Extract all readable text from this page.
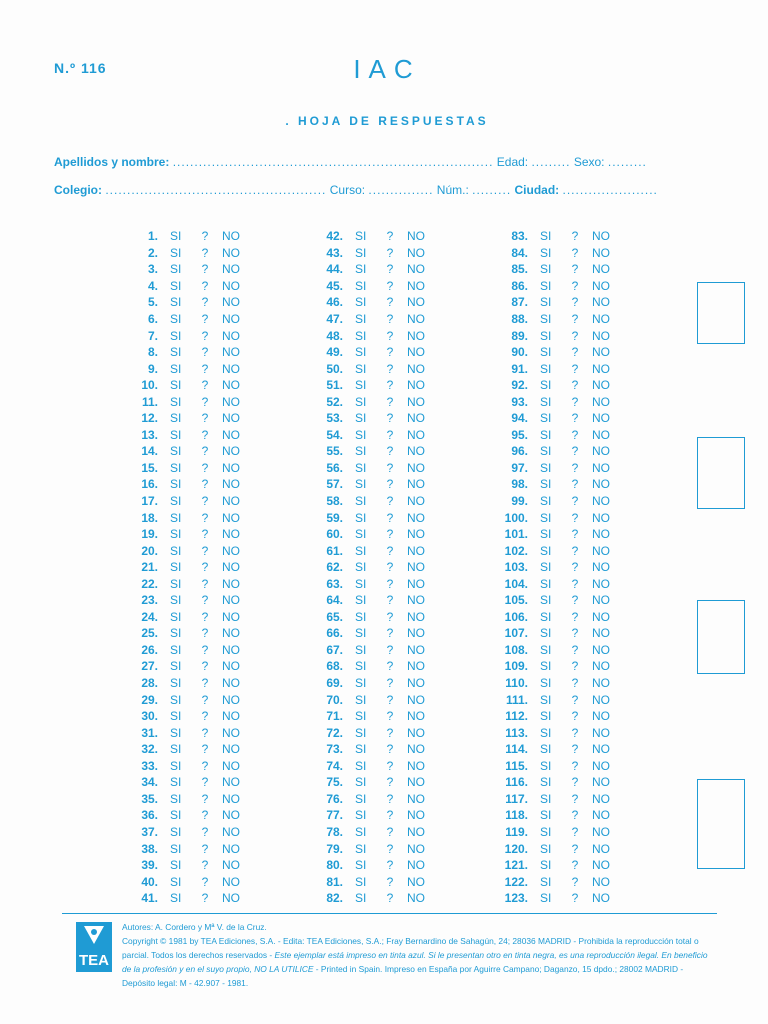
N.º 116	IAC
. HOJA DE RESPUESTAS
Apellidos y nombre: .......................................................................... Edad: ......... Sexo: .........
Colegio: ................................................... Curso: ............... Núm.: ......... Ciudad: ......................
1.	SI	?	NO
2.	SI	?	NO
3.	SI	?	NO
4.	SI	?	NO
5.	SI	?	NO
6.	SI	?	NO
7.	SI	?	NO
8.	SI	?	NO
9.	SI	?	NO
10.	SI	?	NO
11.	SI	?	NO
12.	SI	?	NO
13.	SI	?	NO
14.	SI	?	NO
15.	SI	?	NO
16.	SI	?	NO
17.	SI	?	NO
18.	SI	?	NO
19.	SI	?	NO
20.	SI	?	NO
21.	SI	?	NO
22.	SI	?	NO
23.	SI	?	NO
24.	SI	?	NO
25.	SI	?	NO
26.	SI	?	NO
27.	SI	?	NO
28.	SI	?	NO
29.	SI	?	NO
30.	SI	?	NO
31.	SI	?	NO
32.	SI	?	NO
33.	SI	?	NO
34.	SI	?	NO
35.	SI	?	NO
36.	SI	?	NO
37.	SI	?	NO
38.	SI	?	NO
39.	SI	?	NO
40.	SI	?	NO
41.	SI	?	NO
42.	SI	?	NO
43.	SI	?	NO
44.	SI	?	NO
45.	SI	?	NO
46.	SI	?	NO
47.	SI	?	NO
48.	SI	?	NO
49.	SI	?	NO
50.	SI	?	NO
51.	SI	?	NO
52.	SI	?	NO
53.	SI	?	NO
54.	SI	?	NO
55.	SI	?	NO
56.	SI	?	NO
57.	SI	?	NO
58.	SI	?	NO
59.	SI	?	NO
60.	SI	?	NO
61.	SI	?	NO
62.	SI	?	NO
63.	SI	?	NO
64.	SI	?	NO
65.	SI	?	NO
66.	SI	?	NO
67.	SI	?	NO
68.	SI	?	NO
69.	SI	?	NO
70.	SI	?	NO
71.	SI	?	NO
72.	SI	?	NO
73.	SI	?	NO
74.	SI	?	NO
75.	SI	?	NO
76.	SI	?	NO
77.	SI	?	NO
78.	SI	?	NO
79.	SI	?	NO
80.	SI	?	NO
81.	SI	?	NO
82.	SI	?	NO
83.	SI	?	NO
84.	SI	?	NO
85.	SI	?	NO
86.	SI	?	NO
87.	SI	?	NO
88.	SI	?	NO
89.	SI	?	NO
90.	SI	?	NO
91.	SI	?	NO
92.	SI	?	NO
93.	SI	?	NO
94.	SI	?	NO
95.	SI	?	NO
96.	SI	?	NO
97.	SI	?	NO
98.	SI	?	NO
99.	SI	?	NO
100.	SI	?	NO
101.	SI	?	NO
102.	SI	?	NO
103.	SI	?	NO
104.	SI	?	NO
105.	SI	?	NO
106.	SI	?	NO
107.	SI	?	NO
108.	SI	?	NO
109.	SI	?	NO
110.	SI	?	NO
111.	SI	?	NO
112.	SI	?	NO
113.	SI	?	NO
114.	SI	?	NO
115.	SI	?	NO
116.	SI	?	NO
117.	SI	?	NO
118.	SI	?	NO
119.	SI	?	NO
120.	SI	?	NO
121.	SI	?	NO
122.	SI	?	NO
123.	SI	?	NO
TEA
Autores: A. Cordero y Mª V. de la Cruz.
Copyright © 1981 by TEA Ediciones, S.A. - Edita: TEA Ediciones, S.A.; Fray Bernardino de Sahagún, 24; 28036 MADRID - Prohibida la reproducción total o
parcial. Todos los derechos reservados - Este ejemplar está impreso en tinta azul. Si le presentan otro en tinta negra, es una reproducción ilegal. En beneficio
de la profesión y en el suyo propio, NO LA UTILICE - Printed in Spain. Impreso en España por Aguirre Campano; Daganzo, 15 dpdo.; 28002 MADRID -
Depósito legal: M - 42.907 - 1981.
